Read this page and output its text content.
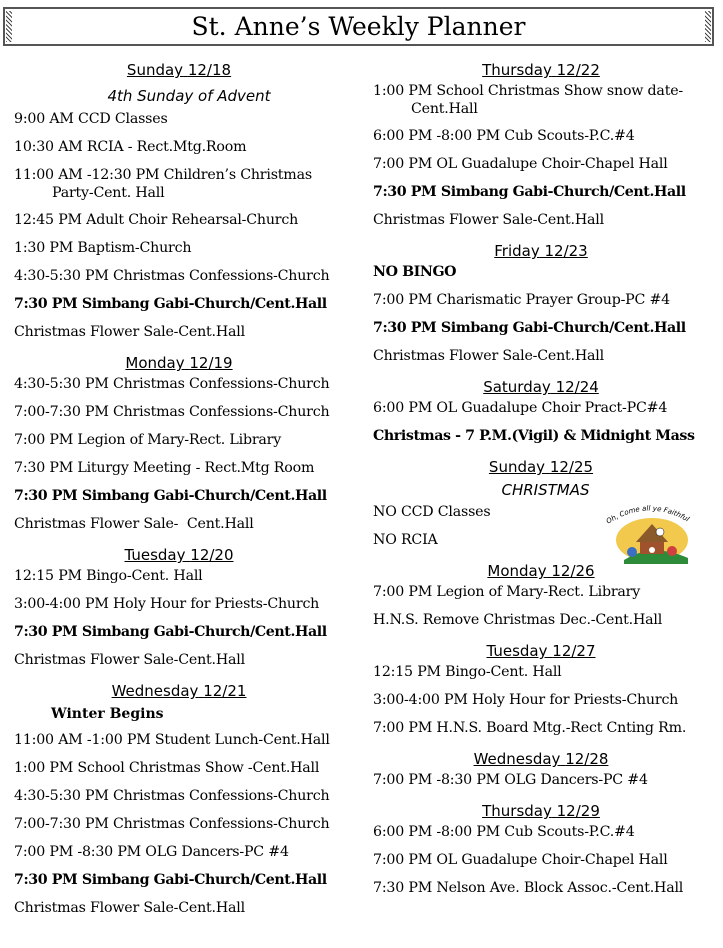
St. Anne’s Weekly Planner
Sunday 12/18
4th Sunday of Advent
9:00 AM CCD Classes
10:30 AM RCIA - Rect.Mtg.Room
11:00 AM -12:30 PM Children’s Christmas
Party-Cent. Hall
12:45 PM Adult Choir Rehearsal-Church
1:30 PM Baptism-Church
4:30-5:30 PM Christmas Confessions-Church
7:30 PM Simbang Gabi-Church/Cent.Hall
Christmas Flower Sale-Cent.Hall
Monday 12/19
4:30-5:30 PM Christmas Confessions-Church
7:00-7:30 PM Christmas Confessions-Church
7:00 PM Legion of Mary-Rect. Library
7:30 PM Liturgy Meeting - Rect.Mtg Room
7:30 PM Simbang Gabi-Church/Cent.Hall
Christmas Flower Sale-  Cent.Hall
Tuesday 12/20
12:15 PM Bingo-Cent. Hall
3:00-4:00 PM Holy Hour for Priests-Church
7:30 PM Simbang Gabi-Church/Cent.Hall
Christmas Flower Sale-Cent.Hall
Wednesday 12/21
Winter Begins
11:00 AM -1:00 PM Student Lunch-Cent.Hall
1:00 PM School Christmas Show -Cent.Hall
4:30-5:30 PM Christmas Confessions-Church
7:00-7:30 PM Christmas Confessions-Church
7:00 PM -8:30 PM OLG Dancers-PC #4
7:30 PM Simbang Gabi-Church/Cent.Hall
Christmas Flower Sale-Cent.Hall
Thursday 12/22
1:00 PM School Christmas Show snow date-
Cent.Hall
6:00 PM -8:00 PM Cub Scouts-P.C.#4
7:00 PM OL Guadalupe Choir-Chapel Hall
7:30 PM Simbang Gabi-Church/Cent.Hall
Christmas Flower Sale-Cent.Hall
Friday 12/23
NO BINGO
7:00 PM Charismatic Prayer Group-PC #4
7:30 PM Simbang Gabi-Church/Cent.Hall
Christmas Flower Sale-Cent.Hall
Saturday 12/24
6:00 PM OL Guadalupe Choir Pract-PC#4
Christmas - 7 P.M.(Vigil) & Midnight Mass
Sunday 12/25
CHRISTMAS
NO CCD Classes
NO RCIA
Monday 12/26
7:00 PM Legion of Mary-Rect. Library
H.N.S. Remove Christmas Dec.-Cent.Hall
Tuesday 12/27
12:15 PM Bingo-Cent. Hall
3:00-4:00 PM Holy Hour for Priests-Church
7:00 PM H.N.S. Board Mtg.-Rect Cnting Rm.
Wednesday 12/28
7:00 PM -8:30 PM OLG Dancers-PC #4
Thursday 12/29
6:00 PM -8:00 PM Cub Scouts-P.C.#4
7:00 PM OL Guadalupe Choir-Chapel Hall
7:30 PM Nelson Ave. Block Assoc.-Cent.Hall
Oh, Come all ye Faithful
